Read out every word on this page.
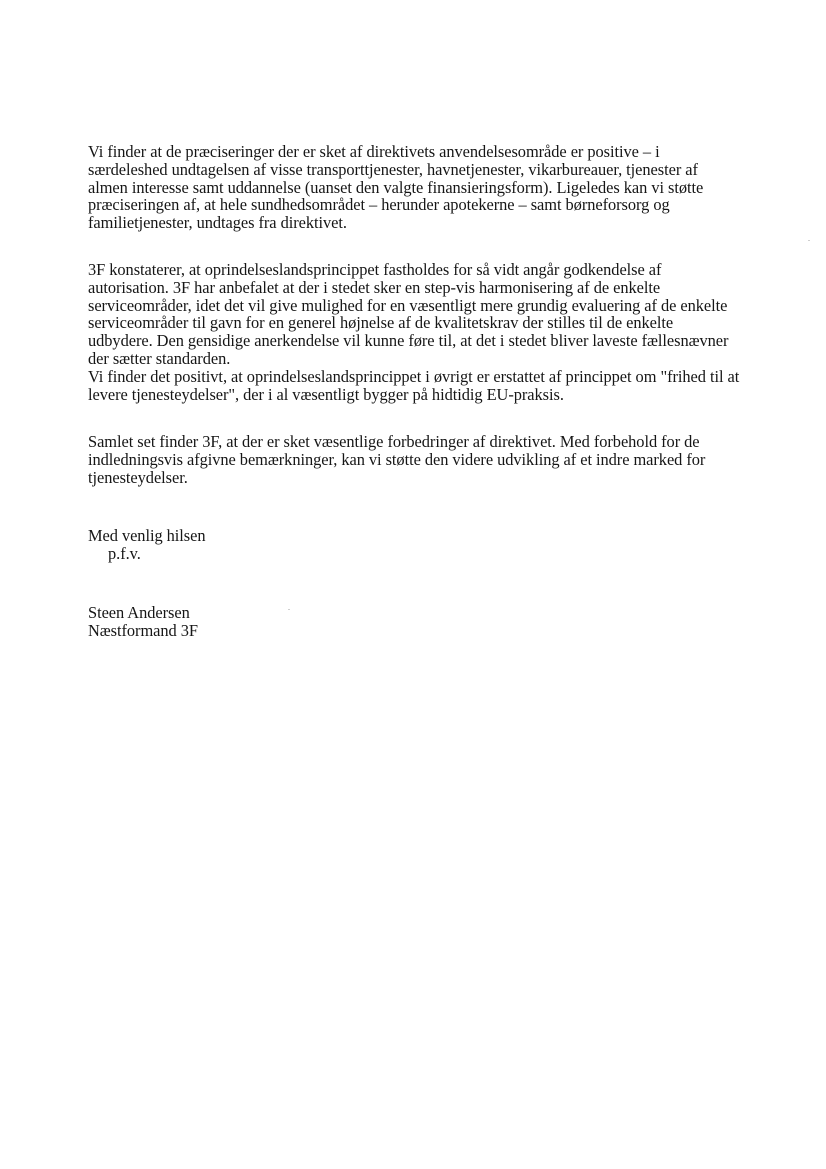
Vi finder at de præciseringer der er sket af direktivets anvendelsesområde er positive – i
særdeleshed undtagelsen af visse transporttjenester, havnetjenester, vikarbureauer, tjenester af
almen interesse samt uddannelse (uanset den valgte finansieringsform). Ligeledes kan vi støtte
præciseringen af, at hele sundhedsområdet – herunder apotekerne – samt børneforsorg og
familietjenester, undtages fra direktivet.
3F konstaterer, at oprindelseslandsprincippet fastholdes for så vidt angår godkendelse af
autorisation. 3F har anbefalet at der i stedet sker en step-vis harmonisering af de enkelte
serviceområder, idet det vil give mulighed for en væsentligt mere grundig evaluering af de enkelte
serviceområder til gavn for en generel højnelse af de kvalitetskrav der stilles til de enkelte
udbydere. Den gensidige anerkendelse vil kunne føre til, at det i stedet bliver laveste fællesnævner
der sætter standarden.
Vi finder det positivt, at oprindelseslandsprincippet i øvrigt er erstattet af princippet om "frihed til at
levere tjenesteydelser", der i al væsentligt bygger på hidtidig EU-praksis.
Samlet set finder 3F, at der er sket væsentlige forbedringer af direktivet. Med forbehold for de
indledningsvis afgivne bemærkninger, kan vi støtte den videre udvikling af et indre marked for
tjenesteydelser.
Med venlig hilsen
p.f.v.
Steen Andersen
Næstformand 3F
